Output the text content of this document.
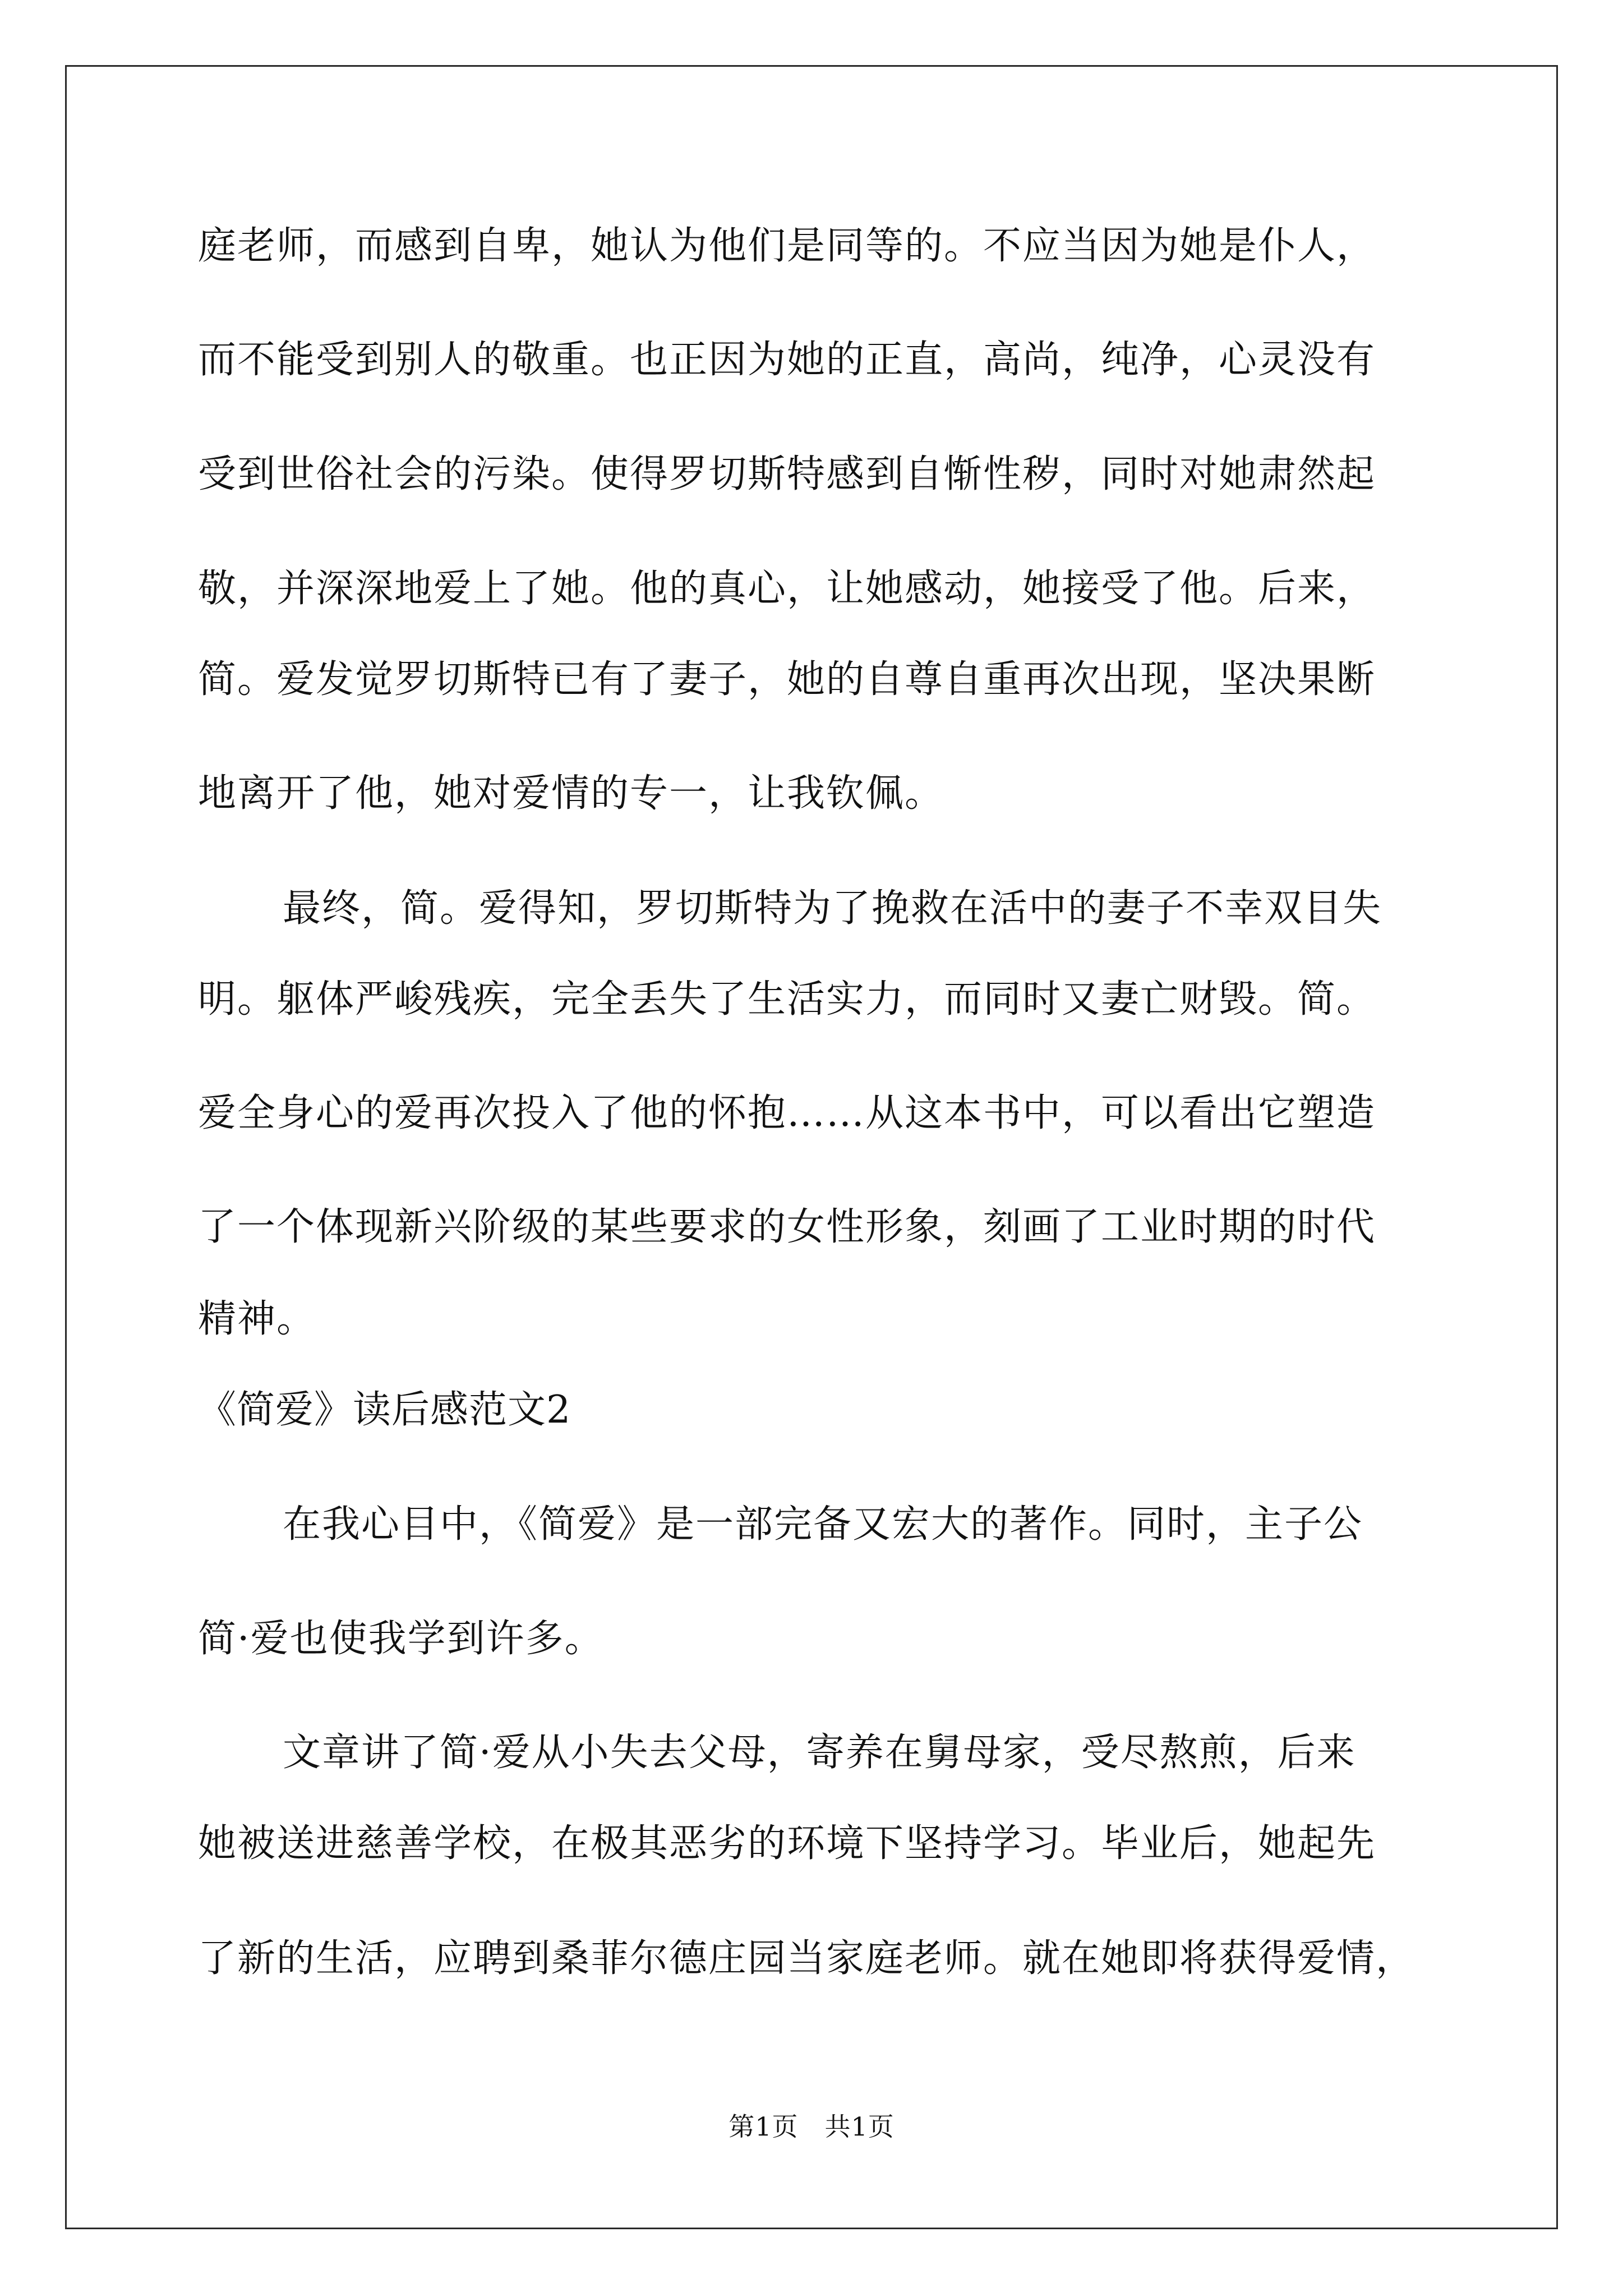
庭老师，而感到自卑，她认为他们是同等的。不应当因为她是仆人，
而不能受到别人的敬重。也正因为她的正直，高尚，纯净，心灵没有
受到世俗社会的污染。使得罗切斯特感到自惭性秽，同时对她肃然起
敬，并深深地爱上了她。他的真心，让她感动，她接受了他。后来，
简。爱发觉罗切斯特已有了妻子，她的自尊自重再次出现，坚决果断
地离开了他，她对爱情的专一，让我钦佩。
最终，简。爱得知，罗切斯特为了挽救在活中的妻子不幸双目失
明。躯体严峻残疾，完全丢失了生活实力，而同时又妻亡财毁。简。
爱全身心的爱再次投入了他的怀抱……从这本书中，可以看出它塑造
了一个体现新兴阶级的某些要求的女性形象，刻画了工业时期的时代
精神。
《简爱》读后感范文2
在我心目中，《简爱》是一部完备又宏大的著作。同时，主子公
简·爱也使我学到许多。
文章讲了简·爱从小失去父母，寄养在舅母家，受尽熬煎，后来
她被送进慈善学校，在极其恶劣的环境下坚持学习。毕业后，她起先
了新的生活，应聘到桑菲尔德庄园当家庭老师。就在她即将获得爱情，
第1页　共1页
